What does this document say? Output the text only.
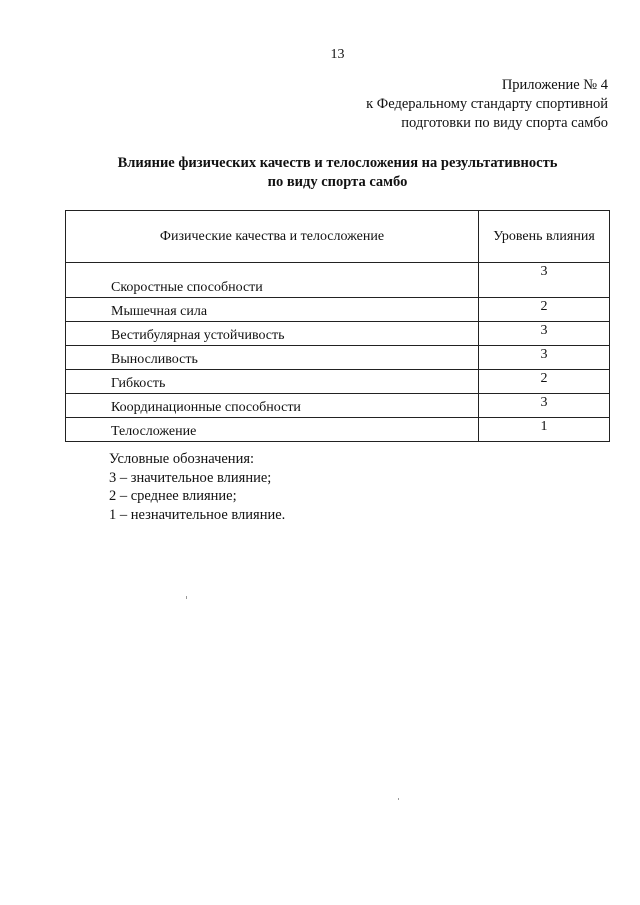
13
Приложение № 4
к Федеральному стандарту спортивной
подготовки по виду спорта самбо
Влияние физических качеств и телосложения на результативность
по виду спорта самбо
Физические качества и телосложение	Уровень влияния
Скоростные способности	3
Мышечная сила	2
Вестибулярная устойчивость	3
Выносливость	3
Гибкость	2
Координационные способности	3
Телосложение	1
Условные обозначения:
3 – значительное влияние;
2 – среднее влияние;
1 – незначительное влияние.
